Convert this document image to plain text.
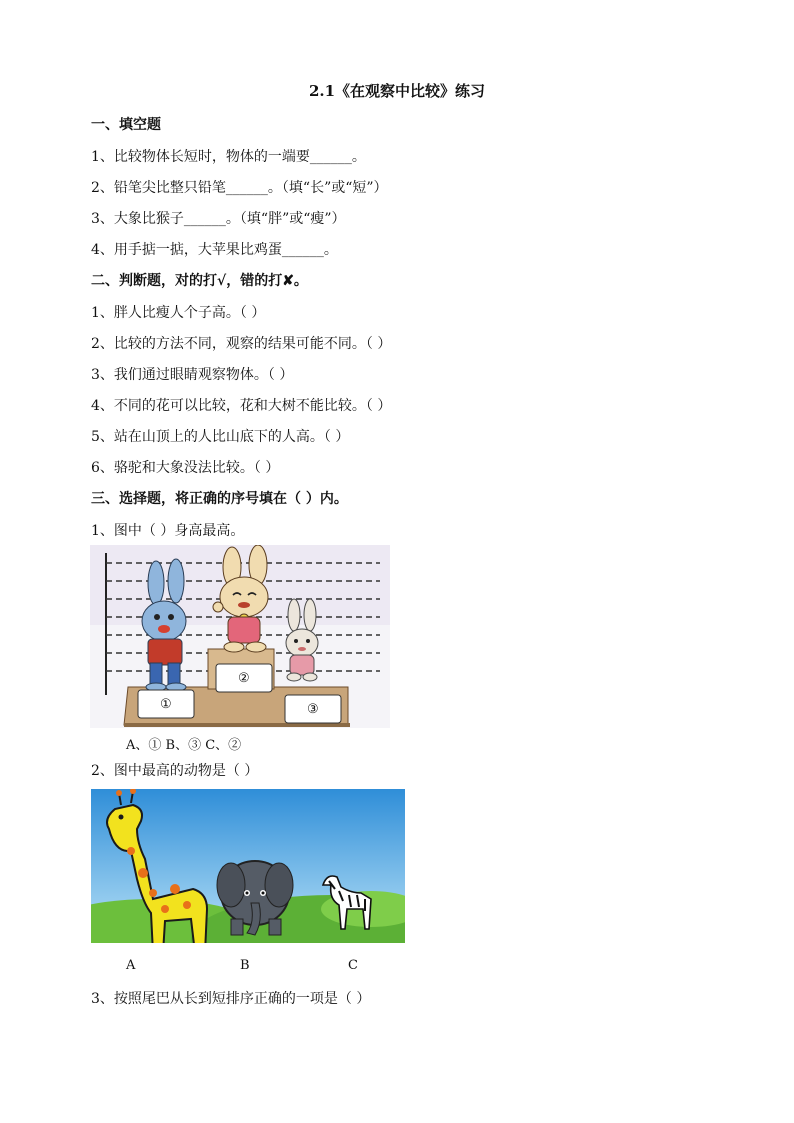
2.1《在观察中比较》练习
一、填空题
1、比较物体长短时，物体的一端要______。
2、铅笔尖比整只铅笔______。（填“长”或“短”）
3、大象比猴子______。（填“胖”或“瘦”）
4、用手掂一掂，大苹果比鸡蛋______。
二、判断题，对的打√，错的打✘。
1、胖人比瘦人个子高。（ ）
2、比较的方法不同，观察的结果可能不同。（ ）
3、我们通过眼睛观察物体。（ ）
4、不同的花可以比较，花和大树不能比较。（ ）
5、站在山顶上的人比山底下的人高。（ ）
6、骆驼和大象没法比较。（ ）
三、选择题，将正确的序号填在（ ）内。
1、图中（ ）身高最高。
①
②
③
A、① B、③ C、②
2、图中最高的动物是（ ）
A	B	C
3、按照尾巴从长到短排序正确的一项是（ ）
